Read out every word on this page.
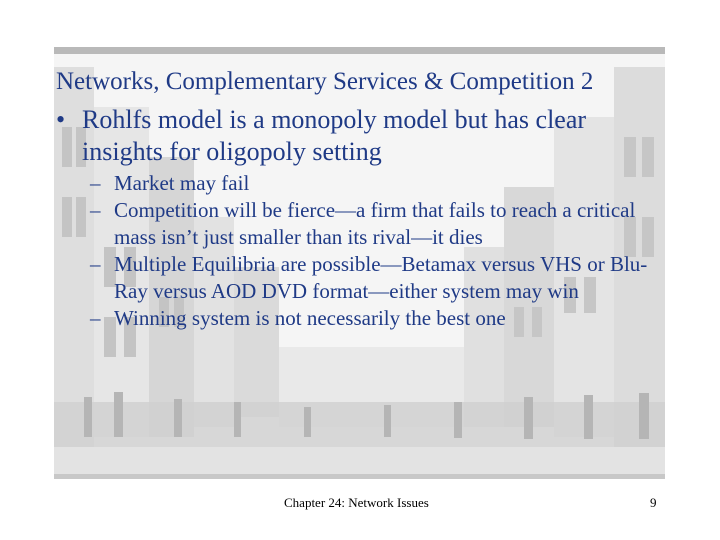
Networks, Complementary Services & Competition 2
• Rohlfs model is a monopoly model but has clear insights for oligopoly setting
– Market may fail
– Competition will be fierce—a firm that fails to reach a critical mass isn’t just smaller than its rival—it dies
– Multiple Equilibria are possible—Betamax versus VHS or Blu-Ray versus AOD DVD format—either system may win
– Winning system is not necessarily the best one
Chapter 24: Network Issues	9
